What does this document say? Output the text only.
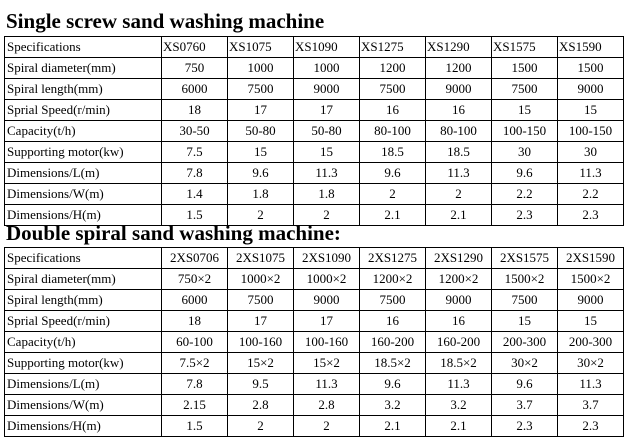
Single screw sand washing machine
Specifications	XS0760	XS1075	XS1090	XS1275	XS1290	XS1575	XS1590
Spiral diameter(mm)	750	1000	1000	1200	1200	1500	1500
Spiral length(mm)	6000	7500	9000	7500	9000	7500	9000
Sprial Speed(r/min)	18	17	17	16	16	15	15
Capacity(t/h)	30-50	50-80	50-80	80-100	80-100	100-150	100-150
Supporting motor(kw)	7.5	15	15	18.5	18.5	30	30
Dimensions/L(m)	7.8	9.6	11.3	9.6	11.3	9.6	11.3
Dimensions/W(m)	1.4	1.8	1.8	2	2	2.2	2.2
Dimensions/H(m)	1.5	2	2	2.1	2.1	2.3	2.3
Double spiral sand washing machine:
Specifications	2XS0706	2XS1075	2XS1090	2XS1275	2XS1290	2XS1575	2XS1590
Spiral diameter(mm)	750×2	1000×2	1000×2	1200×2	1200×2	1500×2	1500×2
Spiral length(mm)	6000	7500	9000	7500	9000	7500	9000
Sprial Speed(r/min)	18	17	17	16	16	15	15
Capacity(t/h)	60-100	100-160	100-160	160-200	160-200	200-300	200-300
Supporting motor(kw)	7.5×2	15×2	15×2	18.5×2	18.5×2	30×2	30×2
Dimensions/L(m)	7.8	9.5	11.3	9.6	11.3	9.6	11.3
Dimensions/W(m)	2.15	2.8	2.8	3.2	3.2	3.7	3.7
Dimensions/H(m)	1.5	2	2	2.1	2.1	2.3	2.3
